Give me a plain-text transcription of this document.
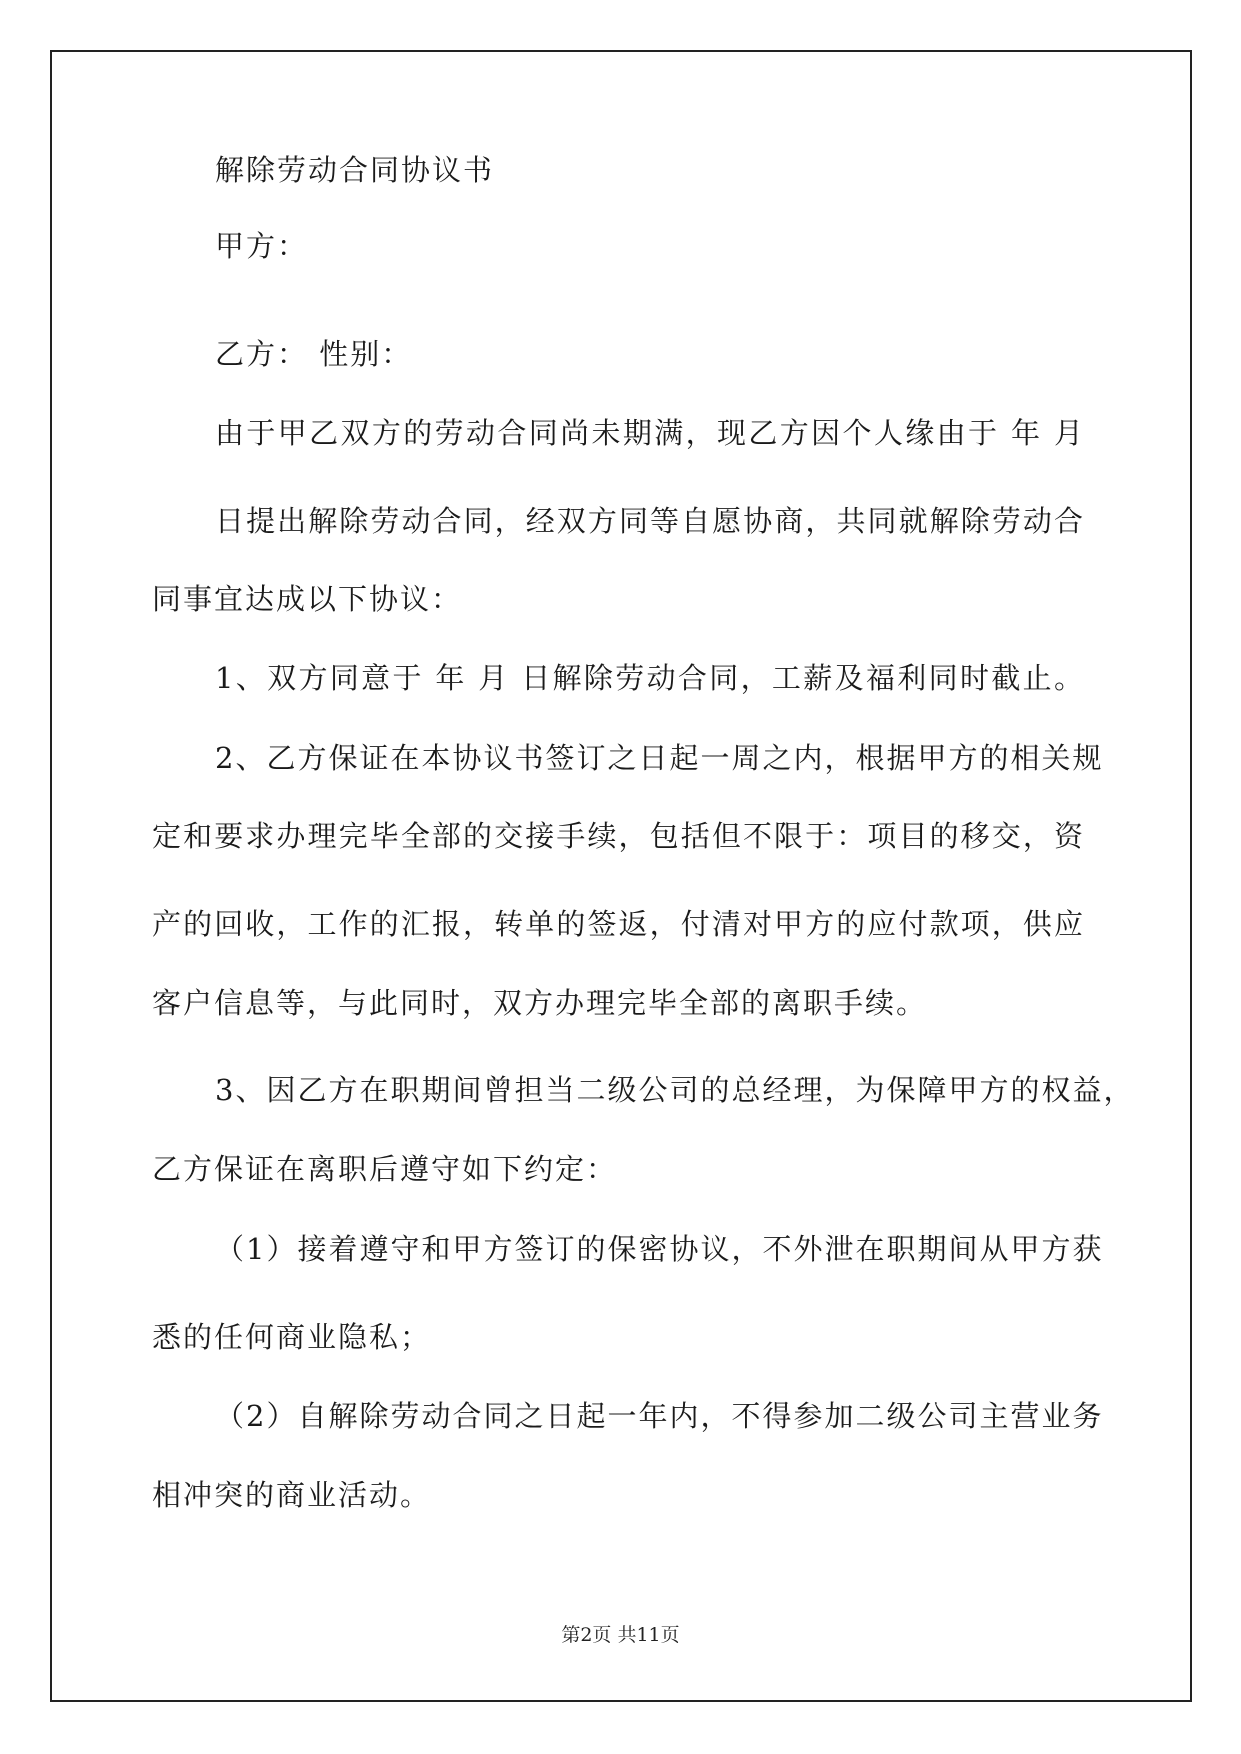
解除劳动合同协议书
甲方：
乙方： 性别：
由于甲乙双方的劳动合同尚未期满，现乙方因个人缘由于 年 月
日提出解除劳动合同，经双方同等自愿协商，共同就解除劳动合
同事宜达成以下协议：
1、双方同意于 年 月 日解除劳动合同，工薪及福利同时截止。
2、乙方保证在本协议书签订之日起一周之内，根据甲方的相关规
定和要求办理完毕全部的交接手续，包括但不限于：项目的移交，资
产的回收，工作的汇报，转单的签返，付清对甲方的应付款项，供应
客户信息等，与此同时，双方办理完毕全部的离职手续。
3、因乙方在职期间曾担当二级公司的总经理，为保障甲方的权益，
乙方保证在离职后遵守如下约定：
（1）接着遵守和甲方签订的保密协议，不外泄在职期间从甲方获
悉的任何商业隐私；
（2）自解除劳动合同之日起一年内，不得参加二级公司主营业务
相冲突的商业活动。
第2页 共11页
